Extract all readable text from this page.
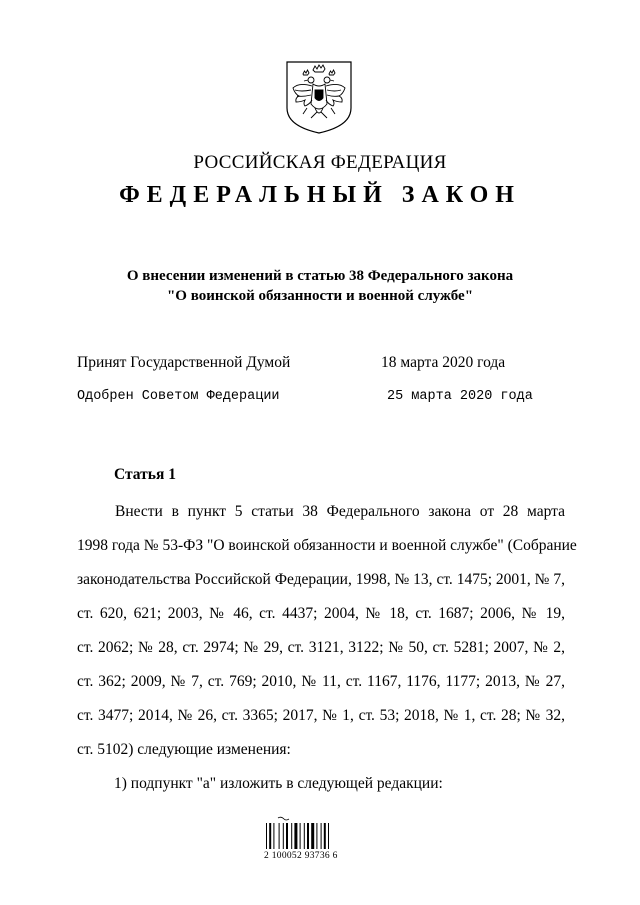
РОССИЙСКАЯ ФЕДЕРАЦИЯ
ФЕДЕРАЛЬНЫЙ ЗАКОН
О внесении изменений в статью 38 Федерального закона
"О воинской обязанности и военной службе"
Принят Государственной Думой	18 марта 2020 года
Одобрен Советом Федерации	25 марта 2020 года
Статья 1
Внести в пункт 5 статьи 38 Федерального закона от 28 марта
1998 года № 53-ФЗ "О воинской обязанности и военной службе" (Собрание
законодательства Российской Федерации, 1998, № 13, ст. 1475; 2001, № 7,
ст. 620, 621; 2003, № 46, ст. 4437; 2004, № 18, ст. 1687; 2006, № 19,
ст. 2062; № 28, ст. 2974; № 29, ст. 3121, 3122; № 50, ст. 5281; 2007, № 2,
ст. 362; 2009, № 7, ст. 769; 2010, № 11, ст. 1167, 1176, 1177; 2013, № 27,
ст. 3477; 2014, № 26, ст. 3365; 2017, № 1, ст. 53; 2018, № 1, ст. 28; № 32,
ст. 5102) следующие изменения:
1) подпункт "а" изложить в следующей редакции:
2 100052 93736 6
